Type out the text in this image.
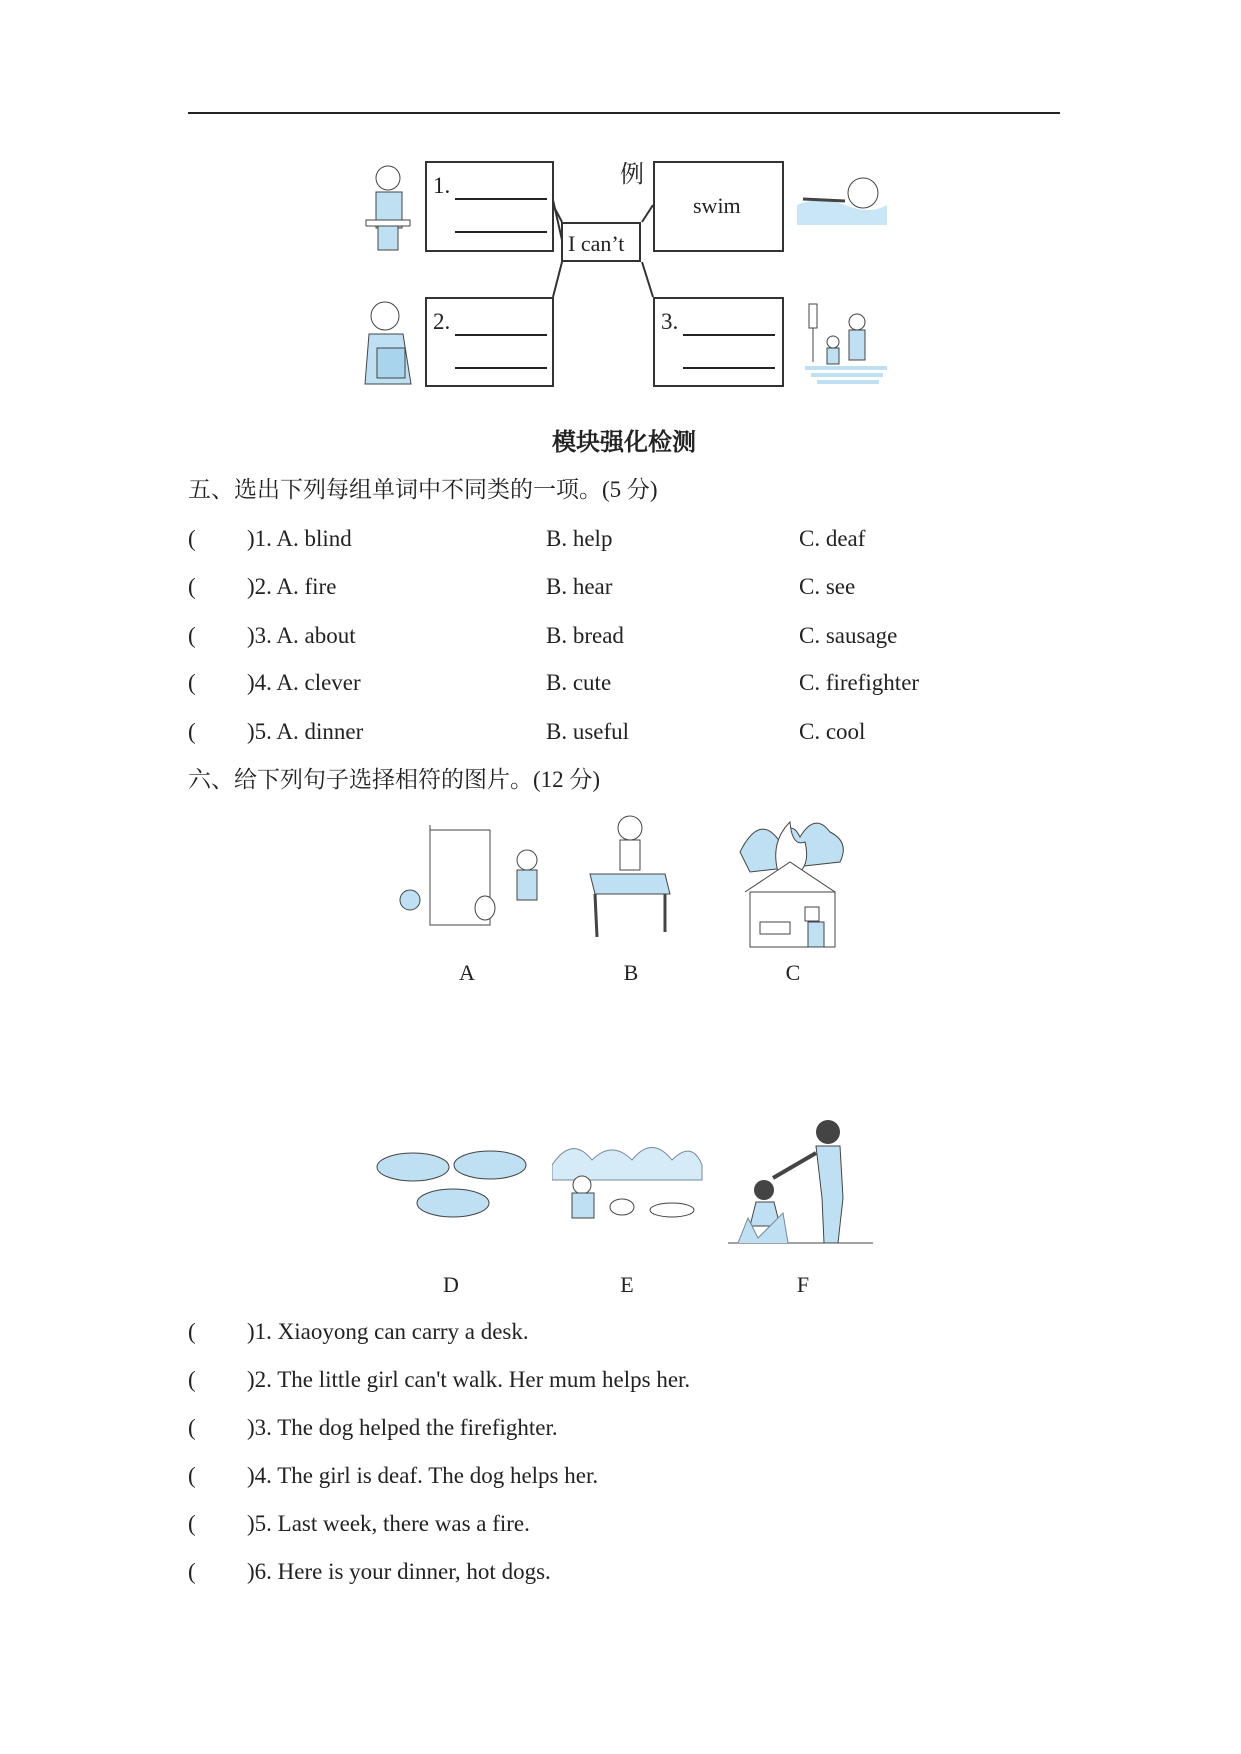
1.
I can’t
例
swim
2.	3.
模块强化检测
五、选出下列每组单词中不同类的一项。(5 分)
( )1. A. blind	B. help	C. deaf
( )2. A. fire	B. hear	C. see
( )3. A. about	B. bread	C. sausage
( )4. A. clever	B. cute	C. firefighter
( )5. A. dinner	B. useful	C. cool
六、给下列句子选择相符的图片。(12 分)
A	B	C
D	E	F
( )1. Xiaoyong can carry a desk.
( )2. The little girl can't walk. Her mum helps her.
( )3. The dog helped the firefighter.
( )4. The girl is deaf. The dog helps her.
( )5. Last week, there was a fire.
( )6. Here is your dinner, hot dogs.
